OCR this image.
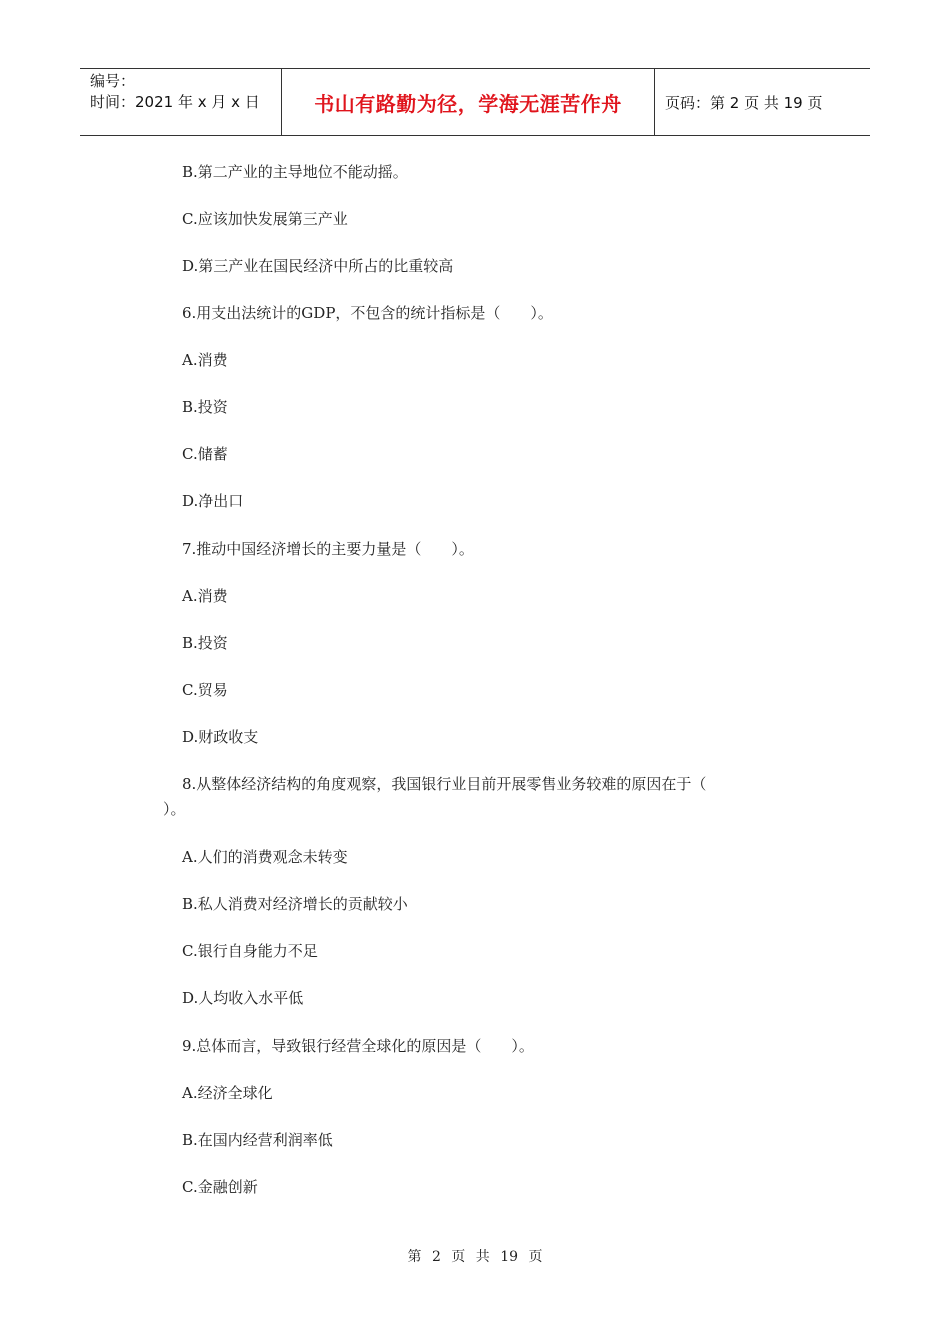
编号：
时间：2021 年 x 月 x 日	书山有路勤为径，学海无涯苦作舟	页码：第 2 页 共 19 页
B.第二产业的主导地位不能动摇。
C.应该加快发展第三产业
D.第三产业在国民经济中所占的比重较高
6.用支出法统计的GDP，不包含的统计指标是（　　）。
A.消费
B.投资
C.储蓄
D.净出口
7.推动中国经济增长的主要力量是（　　）。
A.消费
B.投资
C.贸易
D.财政收支
8.从整体经济结构的角度观察，我国银行业目前开展零售业务较难的原因在于（
）。
A.人们的消费观念未转变
B.私人消费对经济增长的贡献较小
C.银行自身能力不足
D.人均收入水平低
9.总体而言，导致银行经营全球化的原因是（　　）。
A.经济全球化
B.在国内经营利润率低
C.金融创新
第 2 页 共 19 页
